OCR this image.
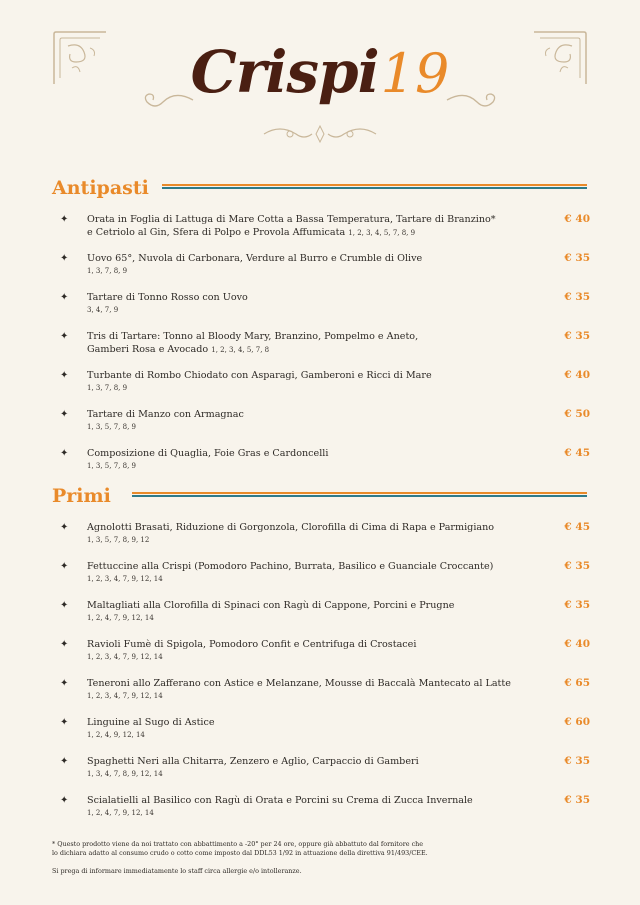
Crispi19
Antipasti
✦ Orata in Foglia di Lattuga di Mare Cotta a Bassa Temperatura, Tartare di Branzino*
e Cetriolo al Gin, Sfera di Polpo e Provola Affumicata 1, 2, 3, 4, 5, 7, 8, 9
€ 40
✦ Uovo 65°, Nuvola di Carbonara, Verdure al Burro e Crumble di Olive
1, 3, 7, 8, 9
€ 35
✦ Tartare di Tonno Rosso con Uovo
3, 4, 7, 9
€ 35
✦ Tris di Tartare: Tonno al Bloody Mary, Branzino, Pompelmo e Aneto,
Gamberi Rosa e Avocado 1, 2, 3, 4, 5, 7, 8
€ 35
✦ Turbante di Rombo Chiodato con Asparagi, Gamberoni e Ricci di Mare
1, 3, 7, 8, 9
€ 40
✦ Tartare di Manzo con Armagnac
1, 3, 5, 7, 8, 9
€ 50
✦ Composizione di Quaglia, Foie Gras e Cardoncelli
1, 3, 5, 7, 8, 9
€ 45
Primi
✦ Agnolotti Brasati, Riduzione di Gorgonzola, Clorofilla di Cima di Rapa e Parmigiano
1, 3, 5, 7, 8, 9, 12
€ 45
✦ Fettuccine alla Crispi (Pomodoro Pachino, Burrata, Basilico e Guanciale Croccante)
1, 2, 3, 4, 7, 9, 12, 14
€ 35
✦ Maltagliati alla Clorofilla di Spinaci con Ragù di Cappone, Porcini e Prugne
1, 2, 4, 7, 9, 12, 14
€ 35
✦ Ravioli Fumè di Spigola, Pomodoro Confit e Centrifuga di Crostacei
1, 2, 3, 4, 7, 9, 12, 14
€ 40
✦ Teneroni allo Zafferano con Astice e Melanzane, Mousse di Baccalà Mantecato al Latte
1, 2, 3, 4, 7, 9, 12, 14
€ 65
✦ Linguine al Sugo di Astice
1, 2, 4, 9, 12, 14
€ 60
✦ Spaghetti Neri alla Chitarra, Zenzero e Aglio, Carpaccio di Gamberi
1, 3, 4, 7, 8, 9, 12, 14
€ 35
✦ Scialatielli al Basilico con Ragù di Orata e Porcini su Crema di Zucca Invernale
1, 2, 4, 7, 9, 12, 14
€ 35

* Questo prodotto viene da noi trattato con abbattimento a -20° per 24 ore, oppure già abbattuto dal fornitore che
lo dichiara adatto al consumo crudo o cotto come imposto dal DDL53 1/92 in attuazione della direttiva 91/493/CEE.

Si prega di informare immediatamente lo staff circa allergie e/o intolleranze.
